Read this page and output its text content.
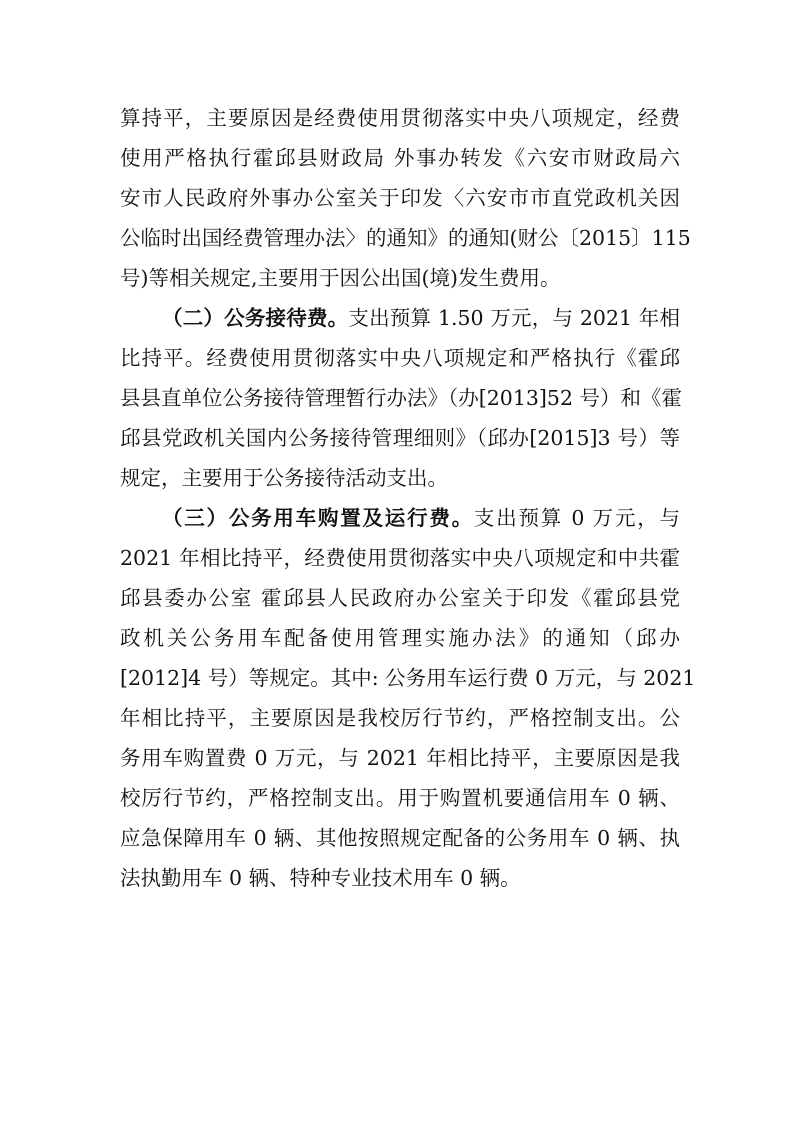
算持平，主要原因是经费使用贯彻落实中央八项规定，经费
使用严格执行霍邱县财政局 外事办转发《六安市财政局六
安市人民政府外事办公室关于印发〈六安市市直党政机关因
公临时出国经费管理办法〉的通知》的通知(财公〔2015〕115
号)等相关规定,主要用于因公出国(境)发生费用。
（二）公务接待费。支出预算 1.50 万元，与 2021 年相
比持平。经费使用贯彻落实中央八项规定和严格执行《霍邱
县县直单位公务接待管理暂行办法》（办[2013]52 号）和《霍
邱县党政机关国内公务接待管理细则》（邱办[2015]3 号）等
规定，主要用于公务接待活动支出。
（三）公务用车购置及运行费。支出预算 0 万元，与
2021 年相比持平，经费使用贯彻落实中央八项规定和中共霍
邱县委办公室 霍邱县人民政府办公室关于印发《霍邱县党
政机关公务用车配备使用管理实施办法》的通知（邱办
[2012]4 号）等规定。其中: 公务用车运行费 0 万元，与 2021
年相比持平，主要原因是我校厉行节约，严格控制支出。公
务用车购置费 0 万元，与 2021 年相比持平，主要原因是我
校厉行节约，严格控制支出。用于购置机要通信用车 0 辆、
应急保障用车 0 辆、其他按照规定配备的公务用车 0 辆、执
法执勤用车 0 辆、特种专业技术用车 0 辆。
